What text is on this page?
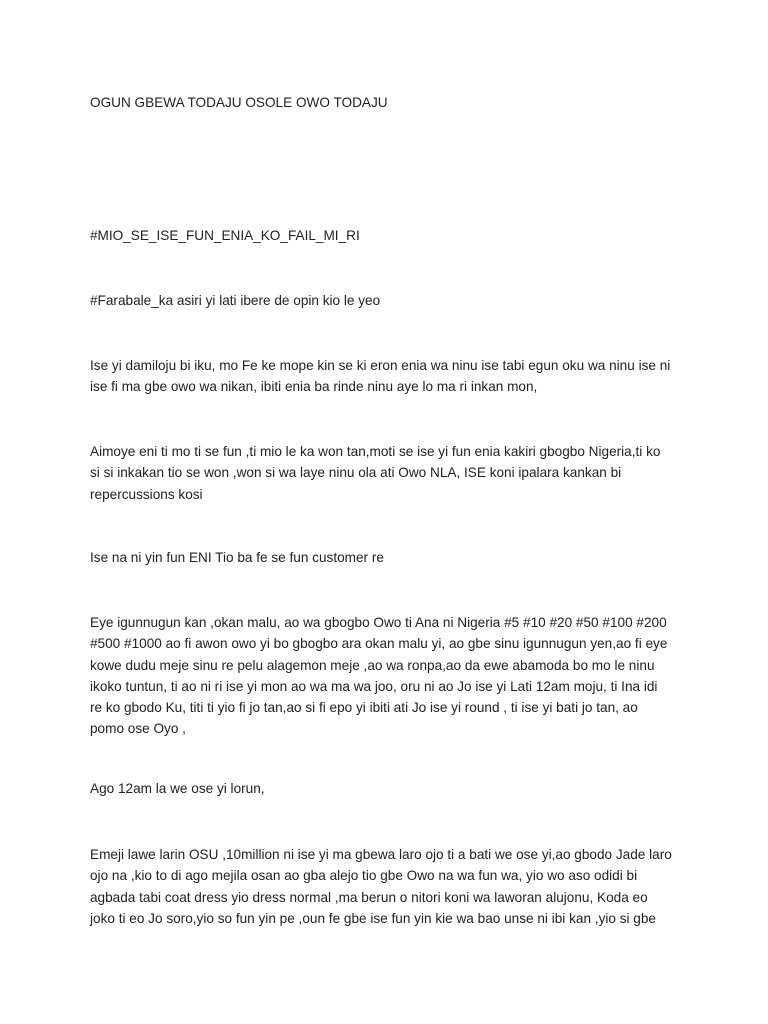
OGUN GBEWA TODAJU OSOLE OWO TODAJU

#MIO_SE_ISE_FUN_ENIA_KO_FAIL_MI_RI

#Farabale_ka asiri yi lati ibere de opin kio le yeo

Ise yi damiloju bi iku, mo Fe ke mope kin se ki eron enia wa ninu ise tabi egun oku wa ninu ise ni
ise fi ma gbe owo wa nikan, ibiti enia ba rinde ninu aye lo ma ri inkan mon,

Aimoye eni ti mo ti se fun ,ti mio le ka won tan,moti se ise yi fun enia kakiri gbogbo Nigeria,ti ko
si si inkakan tio se won ,won si wa laye ninu ola ati Owo NLA, ISE koni ipalara kankan bi
repercussions kosi

Ise na ni yin fun ENI Tio ba fe se fun customer re

Eye igunnugun kan ,okan malu, ao wa gbogbo Owo ti Ana ni Nigeria #5 #10 #20 #50 #100 #200
#500 #1000 ao fi awon owo yi bo gbogbo ara okan malu yi, ao gbe sinu igunnugun yen,ao fi eye
kowe dudu meje sinu re pelu alagemon meje ,ao wa ronpa,ao da ewe abamoda bo mo le ninu
ikoko tuntun, ti ao ni ri ise yi mon ao wa ma wa joo, oru ni ao Jo ise yi Lati 12am moju, ti Ina idi
re ko gbodo Ku, titi ti yio fi jo tan,ao si fi epo yi ibiti ati Jo ise yi round , ti ise yi bati jo tan, ao
pomo ose Oyo ,

Ago 12am la we ose yi lorun,

Emeji lawe larin OSU ,10million ni ise yi ma gbewa laro ojo ti a bati we ose yi,ao gbodo Jade laro
ojo na ,kio to di ago mejila osan ao gba alejo tio gbe Owo na wa fun wa, yio wo aso odidi bi
agbada tabi coat dress yio dress normal ,ma berun o nitori koni wa laworan alujonu, Koda eo
joko ti eo Jo soro,yio so fun yin pe ,oun fe gbe ise fun yin kie wa bao unse ni ibi kan ,yio si gbe
